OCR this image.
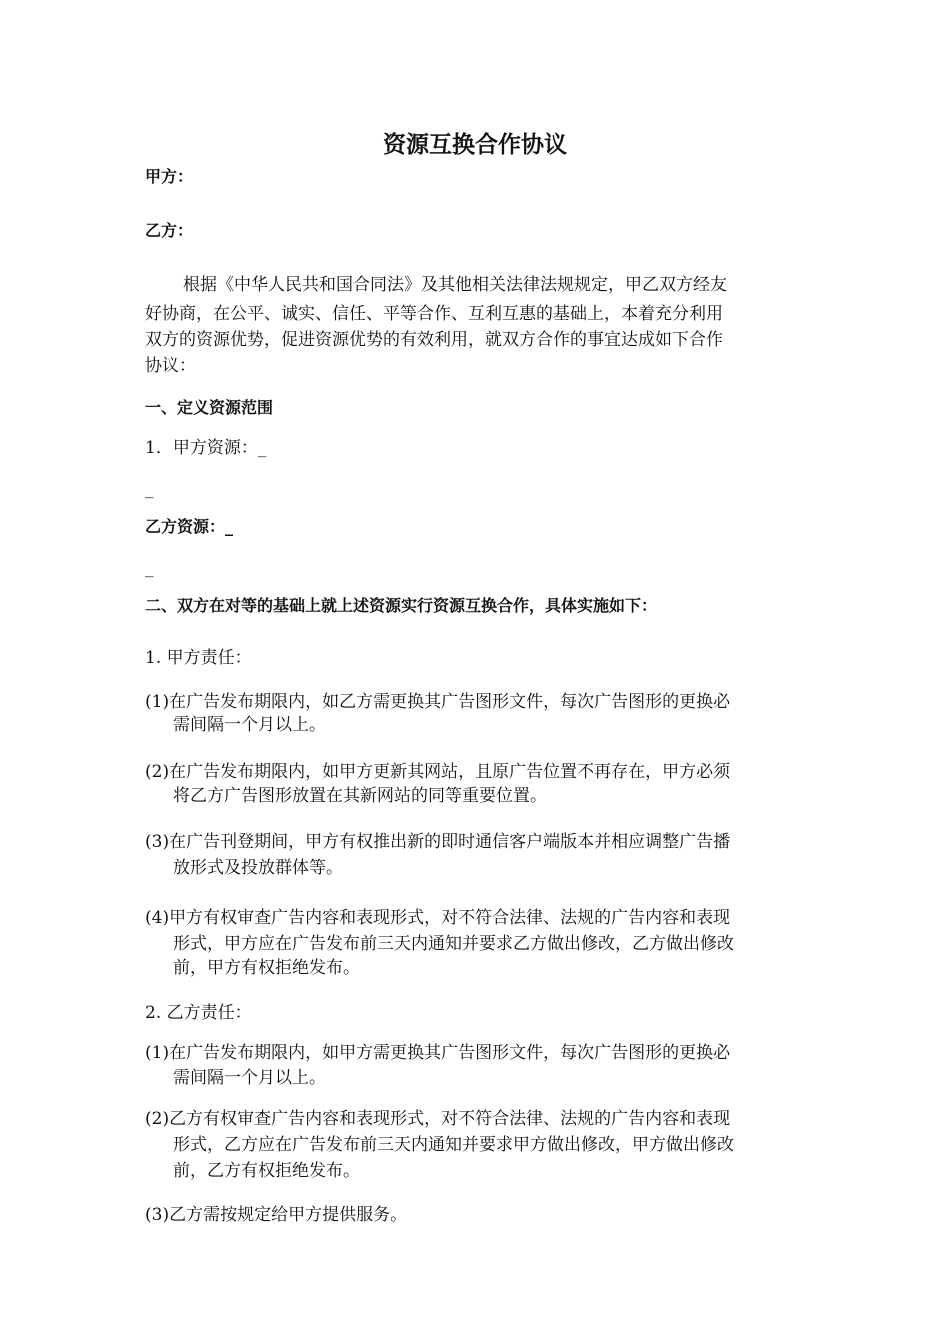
资源互换合作协议
甲方：
乙方：
根据《中华人民共和国合同法》及其他相关法律法规规定，甲乙双方经友
好协商，在公平、诚实、信任、平等合作、互利互惠的基础上，本着充分利用
双方的资源优势，促进资源优势的有效利用，就双方合作的事宜达成如下合作
协议：
一、定义资源范围
1．甲方资源：_
_
乙方资源：_
_
二、双方在对等的基础上就上述资源实行资源互换合作，具体实施如下：
1. 甲方责任：
(1)在广告发布期限内，如乙方需更换其广告图形文件，每次广告图形的更换必
需间隔一个月以上。
(2)在广告发布期限内，如甲方更新其网站，且原广告位置不再存在，甲方必须
将乙方广告图形放置在其新网站的同等重要位置。
(3)在广告刊登期间，甲方有权推出新的即时通信客户端版本并相应调整广告播
放形式及投放群体等。
(4)甲方有权审查广告内容和表现形式，对不符合法律、法规的广告内容和表现
形式，甲方应在广告发布前三天内通知并要求乙方做出修改，乙方做出修改
前，甲方有权拒绝发布。
2. 乙方责任：
(1)在广告发布期限内，如甲方需更换其广告图形文件，每次广告图形的更换必
需间隔一个月以上。
(2)乙方有权审查广告内容和表现形式，对不符合法律、法规的广告内容和表现
形式，乙方应在广告发布前三天内通知并要求甲方做出修改，甲方做出修改
前，乙方有权拒绝发布。
(3)乙方需按规定给甲方提供服务。
